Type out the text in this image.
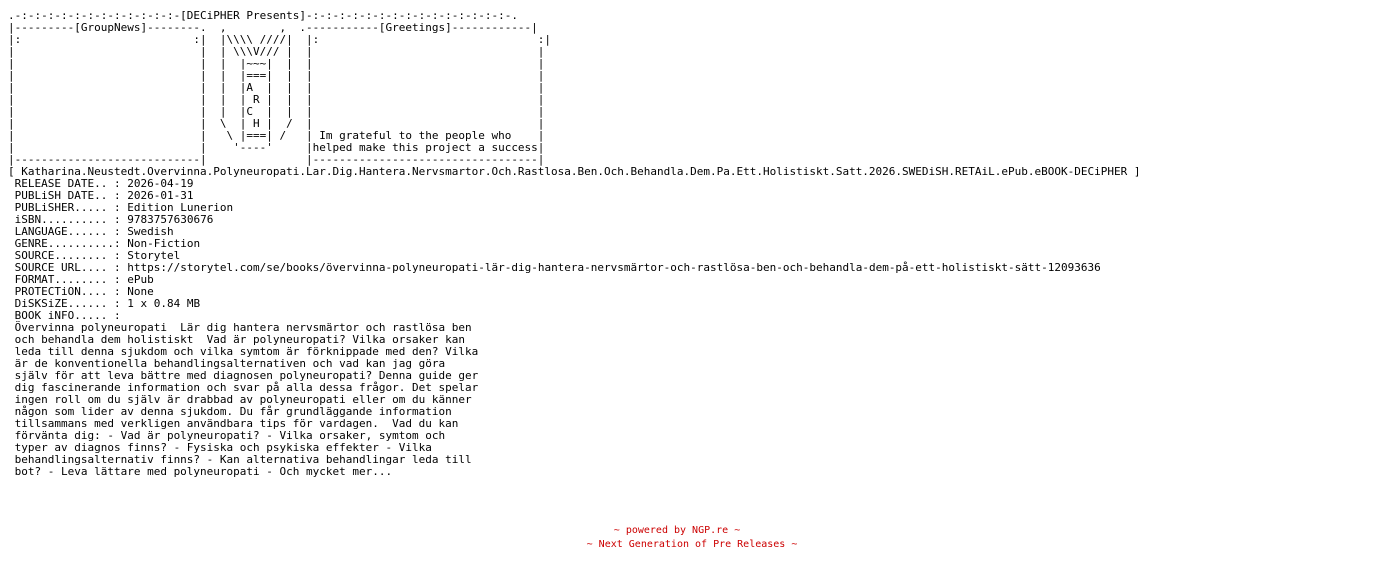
.-:-:-:-:-:-:-:-:-:-:-:-:-[DECiPHER Presents]-:-:-:-:-:-:-:-:-:-:-:-:-:-:-:-.
|---------[GroupNews]--------.  ,        ,  .-----------[Greetings]------------|
|:                          :|  |\\\\ ////|  |:                                 :|
|                            |  | \\\V/// |  |                                  |
|                            |  |  |~~~|  |  |                                  |
|                            |  |  |===|  |  |                                  |
|                            |  |  |A  |  |  |                                  |
|                            |  |  | R |  |  |                                  |
|                            |  |  |C  |  |  |                                  |
|                            |  \  | H |  /  |                                  |
|                            |   \ |===| /   | Im grateful to the people who    |
|                            |    '----'     |helped make this project a success|
|----------------------------|               |----------------------------------|
[ Katharina.Neustedt.Overvinna.Polyneuropati.Lar.Dig.Hantera.Nervsmartor.Och.Rastlosa.Ben.Och.Behandla.Dem.Pa.Ett.Holistiskt.Satt.2026.SWEDiSH.RETAiL.ePub.eBOOK-DECiPHER ]
RELEASE DATE.. : 2026-04-19
PUBLiSH DATE.. : 2026-01-31
PUBLiSHER..... : Edition Lunerion
iSBN.......... : 9783757630676
LANGUAGE...... : Swedish
GENRE..........: Non-Fiction
SOURCE........ : Storytel
SOURCE URL.... : https://storytel.com/se/books/övervinna-polyneuropati-lär-dig-hantera-nervsmärtor-och-rastlösa-ben-och-behandla-dem-på-ett-holistiskt-sätt-12093636
FORMAT........ : ePub
PROTECTiON.... : None
DiSKSiZE...... : 1 x 0.84 MB
BOOK iNFO..... :
Övervinna polyneuropati  Lär dig hantera nervsmärtor och rastlösa ben
och behandla dem holistiskt  Vad är polyneuropati? Vilka orsaker kan
leda till denna sjukdom och vilka symtom är förknippade med den? Vilka
är de konventionella behandlingsalternativen och vad kan jag göra
själv för att leva bättre med diagnosen polyneuropati? Denna guide ger
dig fascinerande information och svar på alla dessa frågor. Det spelar
ingen roll om du själv är drabbad av polyneuropati eller om du känner
någon som lider av denna sjukdom. Du får grundläggande information
tillsammans med verkligen användbara tips för vardagen.  Vad du kan
förvänta dig: - Vad är polyneuropati? - Vilka orsaker, symtom och
typer av diagnos finns? - Fysiska och psykiska effekter - Vilka
behandlingsalternativ finns? - Kan alternativa behandlingar leda till
bot? - Leva lättare med polyneuropati - Och mycket mer...

~ powered by NGP.re ~
~ Next Generation of Pre Releases ~
